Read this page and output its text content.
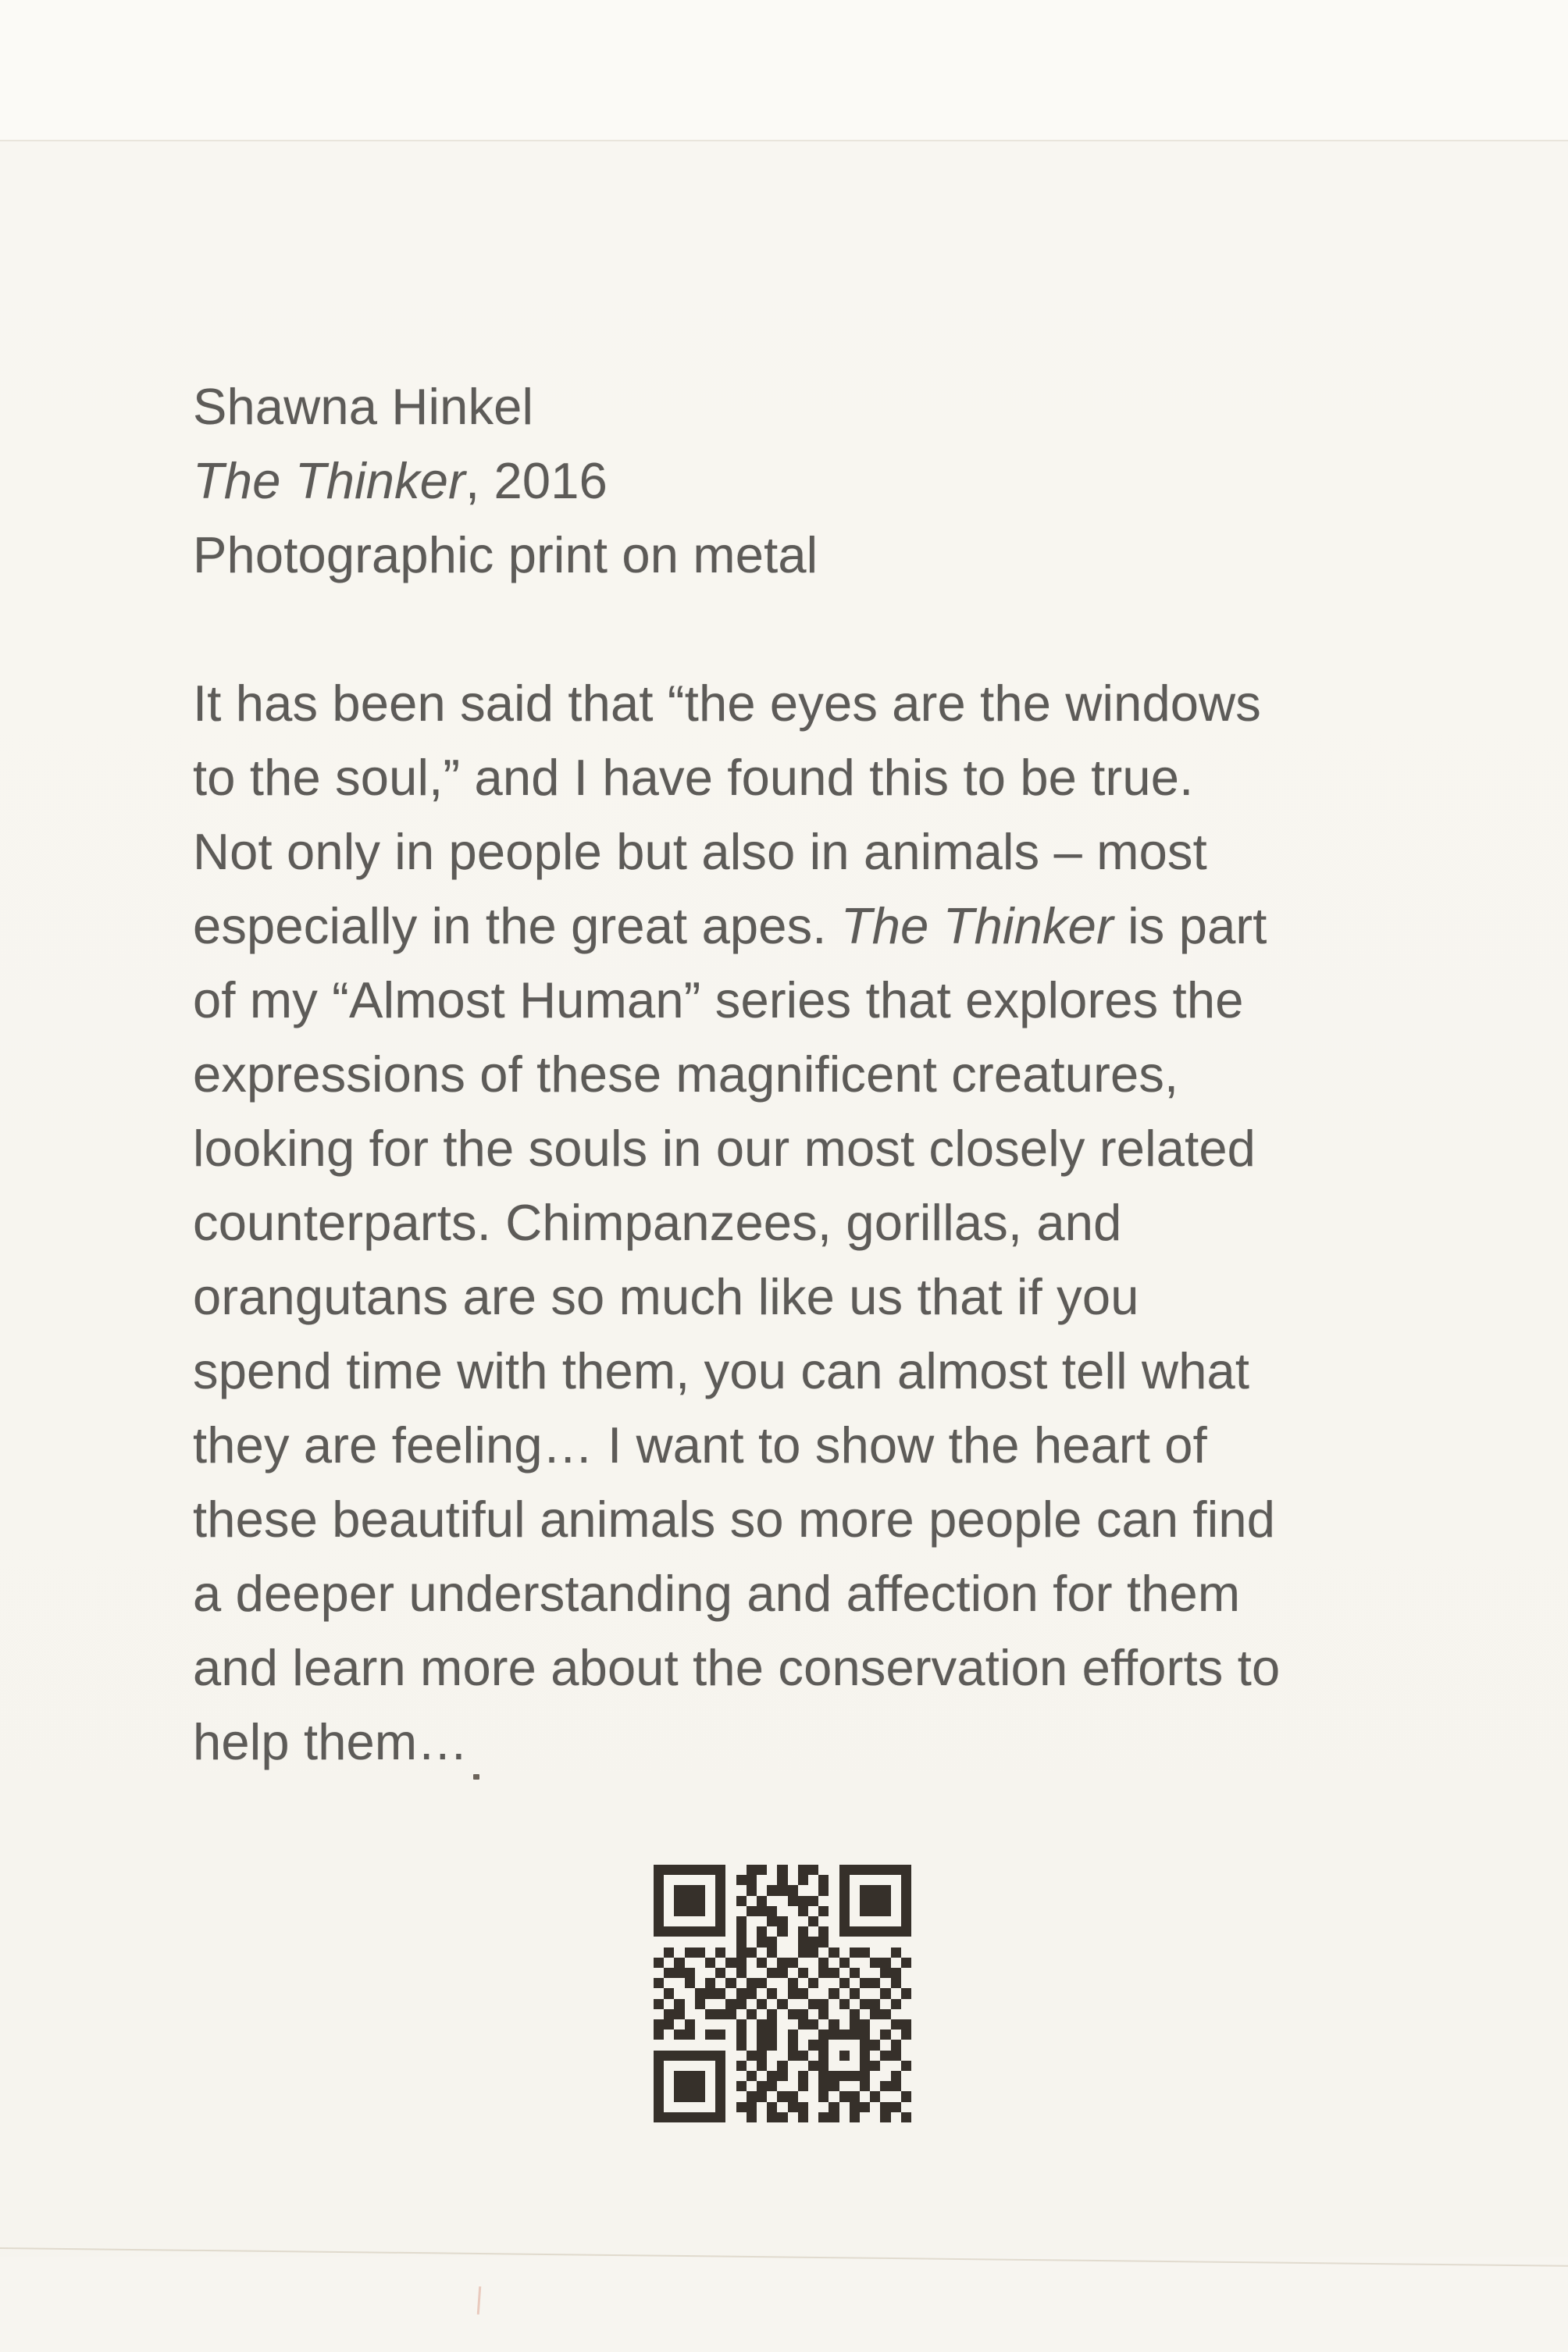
Shawna Hinkel
The Thinker, 2016
Photographic print on metal
It has been said that “the eyes are the windows
to the soul,” and I have found this to be true.
Not only in people but also in animals – most
especially in the great apes. The Thinker is part
of my “Almost Human” series that explores the
expressions of these magnificent creatures,
looking for the souls in our most closely related
counterparts. Chimpanzees, gorillas, and
orangutans are so much like us that if you
spend time with them, you can almost tell what
they are feeling… I want to show the heart of
these beautiful animals so more people can find
a deeper understanding and affection for them
and learn more about the conservation efforts to
help them…
